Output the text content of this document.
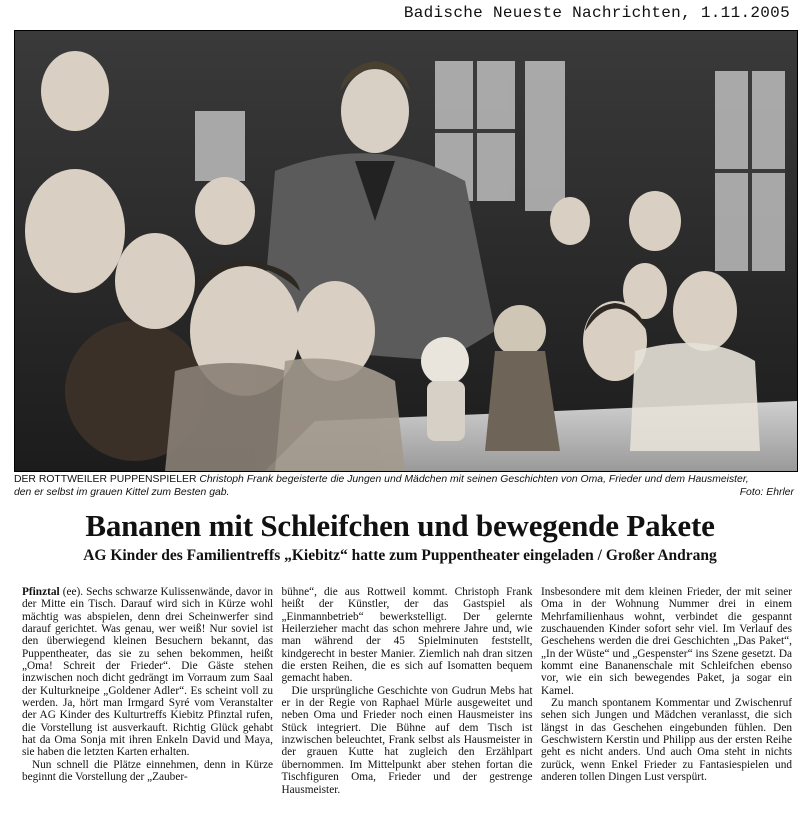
Badische Neueste Nachrichten, 1.11.2005
DER ROTTWEILER PUPPENSPIELER Christoph Frank begeisterte die Jungen und Mädchen mit seinen Geschichten von Oma, Frieder und dem Hausmeister,
den er selbst im grauen Kittel zum Besten gab.	Foto: Ehrler
Bananen mit Schleifchen und bewegende Pakete
AG Kinder des Familientreffs „Kiebitz“ hatte zum Puppentheater eingeladen / Großer Andrang

Pfinztal (ee). Sechs schwarze Kulissenwände, davor in der Mitte ein Tisch. Darauf wird sich in Kürze wohl mächtig was abspielen, denn drei Scheinwerfer sind darauf gerichtet. Was genau, wer weiß! Nur soviel ist den überwiegend kleinen Besuchern bekannt, das Puppentheater, das sie zu sehen bekommen, heißt „Oma! Schreit der Frieder“. Die Gäste stehen inzwischen noch dicht gedrängt im Vorraum zum Saal der Kulturkneipe „Goldener Adler“. Es scheint voll zu werden. Ja, hört man Irmgard Syré vom Veranstalter der AG Kinder des Kulturtreffs Kiebitz Pfinztal rufen, die Vorstellung ist ausverkauft. Richtig Glück gehabt hat da Oma Sonja mit ihren Enkeln David und Maya, sie haben die letzten Karten erhalten.

Nun schnell die Plätze einnehmen, denn in Kürze beginnt die Vorstellung der „Zauber-

bühne“, die aus Rottweil kommt. Christoph Frank heißt der Künstler, der das Gastspiel als „Einmannbetrieb“ bewerkstelligt. Der gelernte Heilerzieher macht das schon mehrere Jahre und, wie man während der 45 Spielminuten feststellt, kindgerecht in bester Manier. Ziemlich nah dran sitzen die ersten Reihen, die es sich auf Isomatten bequem gemacht haben.

Die ursprüngliche Geschichte von Gudrun Mebs hat er in der Regie von Raphael Mürle ausgeweitet und neben Oma und Frieder noch einen Hausmeister ins Stück integriert. Die Bühne auf dem Tisch ist inzwischen beleuchtet, Frank selbst als Hausmeister in der grauen Kutte hat zugleich den Erzählpart übernommen. Im Mittelpunkt aber stehen fortan die Tischfiguren Oma, Frieder und der gestrenge Hausmeister.

Insbesondere mit dem kleinen Frieder, der mit seiner Oma in der Wohnung Nummer drei in einem Mehrfamilienhaus wohnt, verbindet die gespannt zuschauenden Kinder sofort sehr viel. Im Verlauf des Geschehens werden die drei Geschichten „Das Paket“, „In der Wüste“ und „Gespenster“ ins Szene gesetzt. Da kommt eine Bananenschale mit Schleifchen ebenso vor, wie ein sich bewegendes Paket, ja sogar ein Kamel.

Zu manch spontanem Kommentar und Zwischenruf sehen sich Jungen und Mädchen veranlasst, die sich längst in das Geschehen eingebunden fühlen. Den Geschwistern Kerstin und Philipp aus der ersten Reihe geht es nicht anders. Und auch Oma steht in nichts zurück, wenn Enkel Frieder zu Fantasiespielen und anderen tollen Dingen Lust verspürt.
